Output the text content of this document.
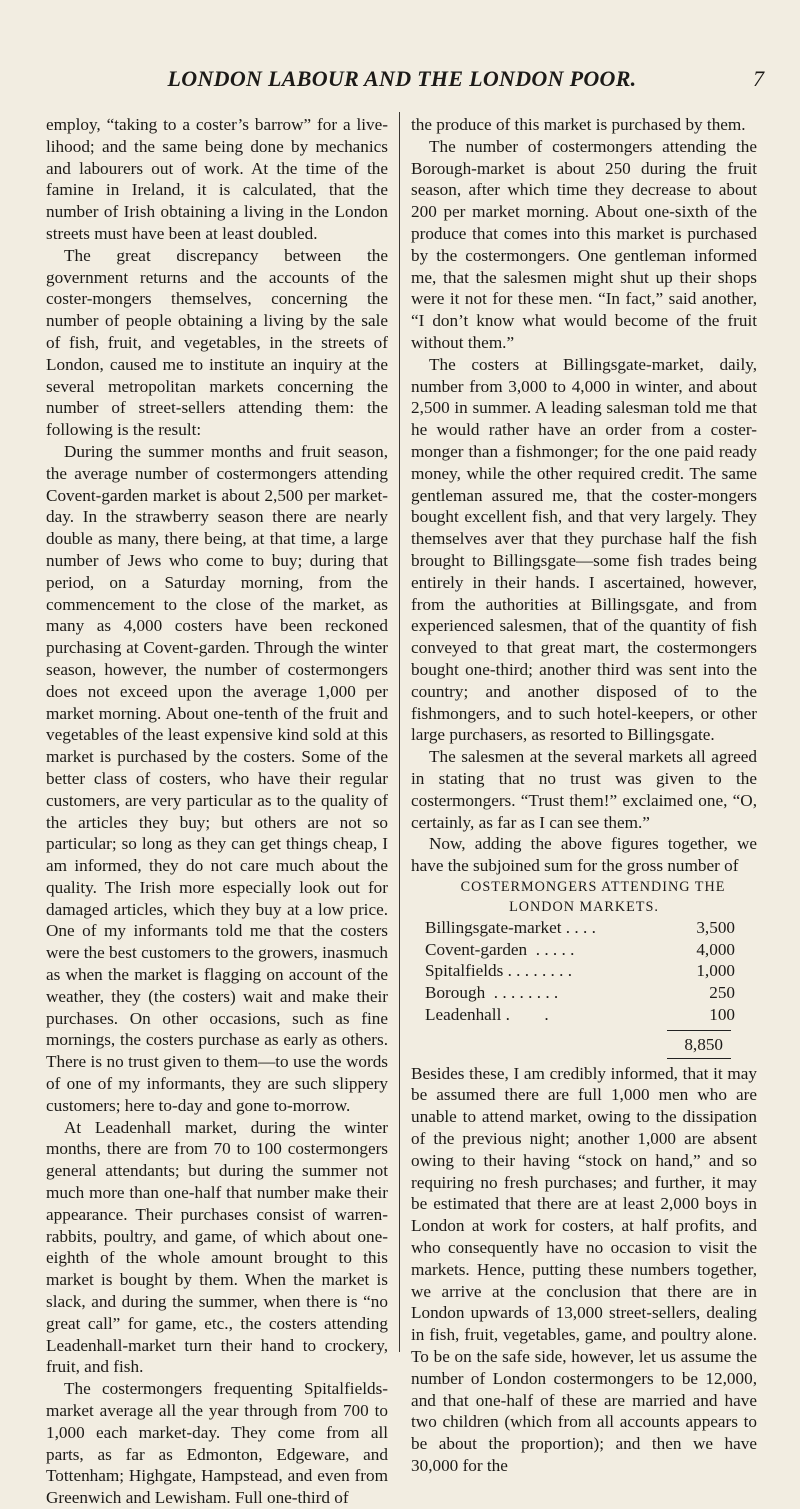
LONDON LABOUR AND THE LONDON POOR.	7

employ, “taking to a coster’s barrow” for a live-lihood; and the same being done by mechanics and labourers out of work. At the time of the famine in Ireland, it is calculated, that the number of Irish obtaining a living in the London streets must have been at least doubled.

The great discrepancy between the government returns and the accounts of the coster-mongers themselves, concerning the number of people obtaining a living by the sale of fish, fruit, and vegetables, in the streets of London, caused me to institute an inquiry at the several metropolitan markets concerning the number of street-sellers attending them: the following is the result:

During the summer months and fruit season, the average number of costermongers attending Covent-garden market is about 2,500 per market-day. In the strawberry season there are nearly double as many, there being, at that time, a large number of Jews who come to buy; during that period, on a Saturday morning, from the commencement to the close of the market, as many as 4,000 costers have been reckoned purchasing at Covent-garden. Through the winter season, however, the number of costermongers does not exceed upon the average 1,000 per market morning. About one-tenth of the fruit and vegetables of the least expensive kind sold at this market is purchased by the costers. Some of the better class of costers, who have their regular customers, are very particular as to the quality of the articles they buy; but others are not so particular; so long as they can get things cheap, I am informed, they do not care much about the quality. The Irish more especially look out for damaged articles, which they buy at a low price. One of my informants told me that the costers were the best customers to the growers, inasmuch as when the market is flagging on account of the weather, they (the costers) wait and make their purchases. On other occasions, such as fine mornings, the costers purchase as early as others. There is no trust given to them—to use the words of one of my informants, they are such slippery customers; here to-day and gone to-morrow.

At Leadenhall market, during the winter months, there are from 70 to 100 costermongers general attendants; but during the summer not much more than one-half that number make their appearance. Their purchases consist of warren-rabbits, poultry, and game, of which about one-eighth of the whole amount brought to this market is bought by them. When the market is slack, and during the summer, when there is “no great call” for game, etc., the costers attending Leadenhall-market turn their hand to crockery, fruit, and fish.

The costermongers frequenting Spitalfields-market average all the year through from 700 to 1,000 each market-day. They come from all parts, as far as Edmonton, Edgeware, and Tottenham; Highgate, Hampstead, and even from Greenwich and Lewisham. Full one-third of

the produce of this market is purchased by them.

The number of costermongers attending the Borough-market is about 250 during the fruit season, after which time they decrease to about 200 per market morning. About one-sixth of the produce that comes into this market is purchased by the costermongers. One gentleman informed me, that the salesmen might shut up their shops were it not for these men. “In fact,” said another, “I don’t know what would become of the fruit without them.”

The costers at Billingsgate-market, daily, number from 3,000 to 4,000 in winter, and about 2,500 in summer. A leading salesman told me that he would rather have an order from a coster-monger than a fishmonger; for the one paid ready money, while the other required credit. The same gentleman assured me, that the coster-mongers bought excellent fish, and that very largely. They themselves aver that they purchase half the fish brought to Billingsgate—some fish trades being entirely in their hands. I ascertained, however, from the authorities at Billingsgate, and from experienced salesmen, that of the quantity of fish conveyed to that great mart, the costermongers bought one-third; another third was sent into the country; and another disposed of to the fishmongers, and to such hotel-keepers, or other large purchasers, as resorted to Billingsgate.

The salesmen at the several markets all agreed in stating that no trust was given to the costermongers. “Trust them!” exclaimed one, “O, certainly, as far as I can see them.”

Now, adding the above figures together, we have the subjoined sum for the gross number of

COSTERMONGERS ATTENDING THE LONDON MARKETS.

Billingsgate-market . . . .	3,500
Covent-garden  . . . . .	4,000
Spitalfields . . . . . . . .	1,000
Borough  . . . . . . . .	250
Leadenhall .        .	100
8,850

Besides these, I am credibly informed, that it may be assumed there are full 1,000 men who are unable to attend market, owing to the dissipation of the previous night; another 1,000 are absent owing to their having “stock on hand,” and so requiring no fresh purchases; and further, it may be estimated that there are at least 2,000 boys in London at work for costers, at half profits, and who consequently have no occasion to visit the markets. Hence, putting these numbers together, we arrive at the conclusion that there are in London upwards of 13,000 street-sellers, dealing in fish, fruit, vegetables, game, and poultry alone. To be on the safe side, however, let us assume the number of London costermongers to be 12,000, and that one-half of these are married and have two children (which from all accounts appears to be about the proportion); and then we have 30,000 for the
